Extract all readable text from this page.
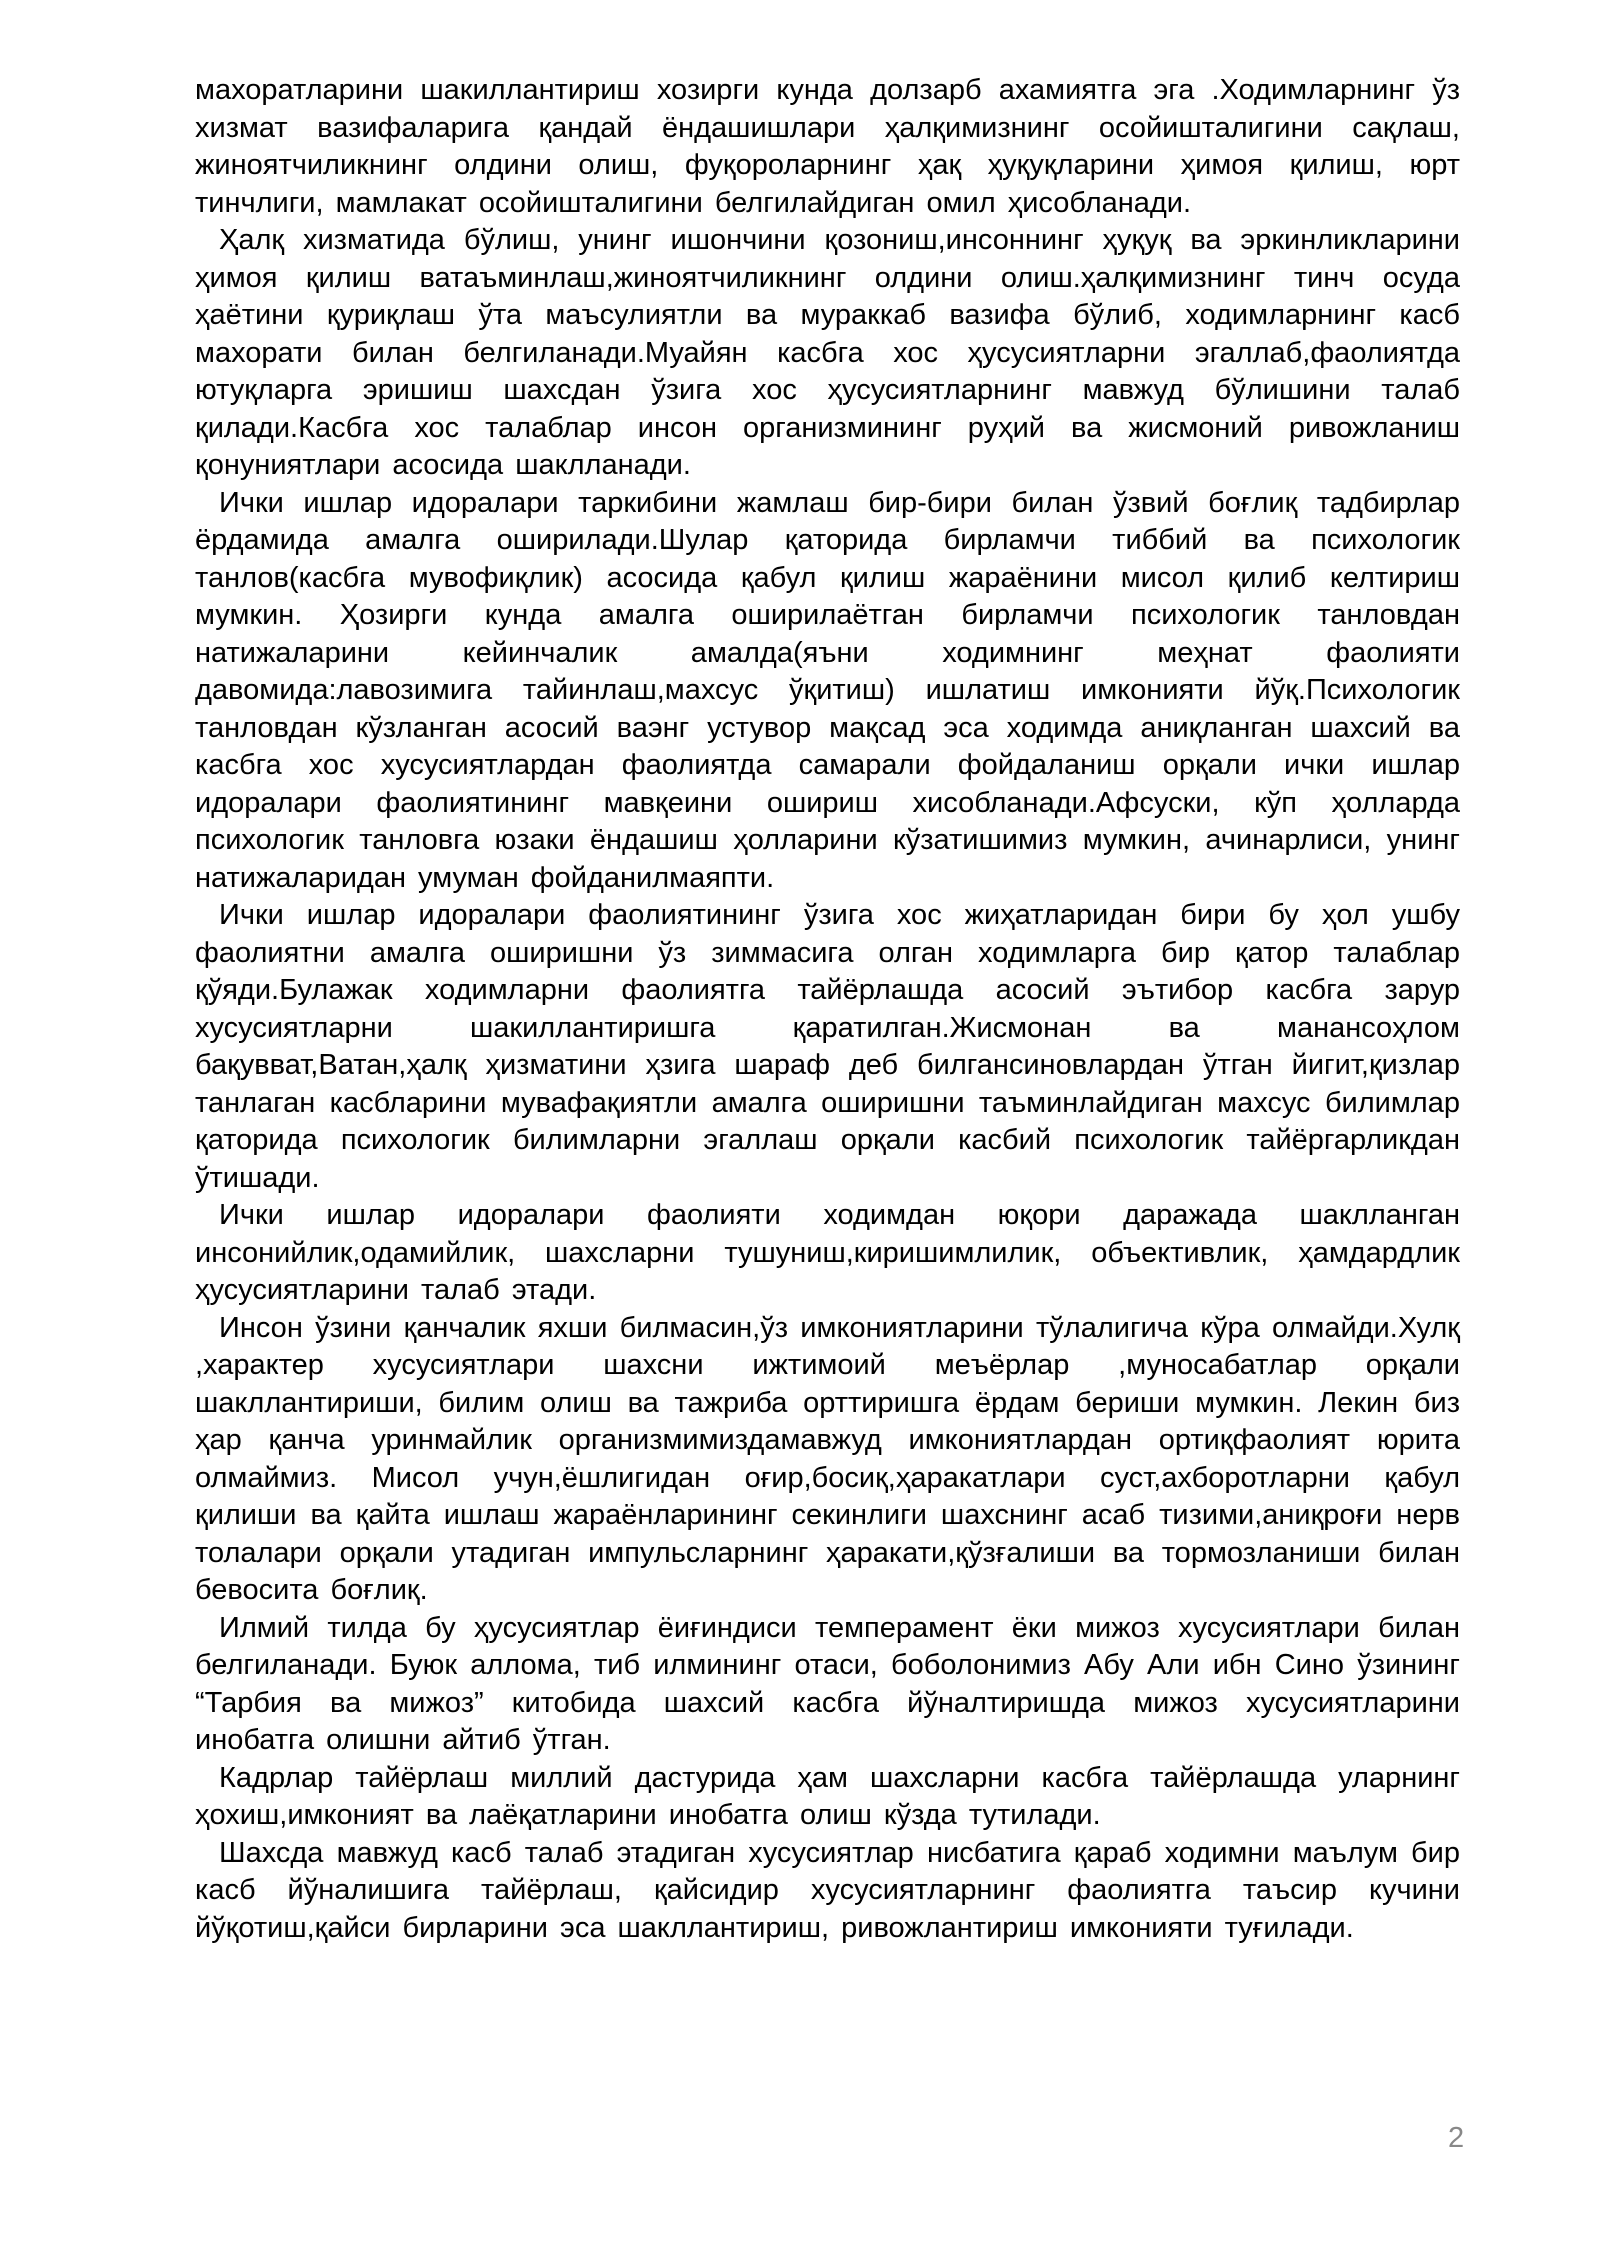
махоратларини шакиллантириш хозирги кунда долзарб ахамиятга эга .Ходимларнинг ўз хизмат вазифаларига қандай ёндашишлари ҳалқимизнинг осойишталигини сақлаш, жиноятчиликнинг олдини олиш, фуқороларнинг ҳақ ҳуқуқларини ҳимоя қилиш, юрт тинчлиги, мамлакат осойишталигини белгилайдиган омил ҳисобланади.

Ҳалқ хизматида бўлиш, унинг ишончини қозониш,инсоннинг ҳуқуқ ва эркинликларини ҳимоя қилиш ватаъминлаш,жиноятчиликнинг олдини олиш.ҳалқимизнинг тинч осуда ҳаётини қуриқлаш ўта маъсулиятли ва мураккаб вазифа бўлиб, ходимларнинг касб махорати билан белгиланади.Муайян касбга хос ҳусусиятларни эгаллаб,фаолиятда ютуқларга эришиш шахсдан ўзига хос ҳусусиятларнинг мавжуд бўлишини талаб қилади.Касбга хос талаблар инсон организмининг руҳий ва жисмоний ривожланиш қонуниятлари асосида шаклланади.

Ички ишлар идоралари таркибини жамлаш бир-бири билан ўзвий боғлиқ тадбирлар ёрдамида амалга оширилади.Шулар қаторида бирламчи тиббий ва психологик танлов(касбга мувофиқлик) асосида қабул қилиш жараёнини мисол қилиб келтириш мумкин. Ҳозирги кунда амалга оширилаётган бирламчи психологик танловдан натижаларини кейинчалик амалда(яъни ходимнинг меҳнат фаолияти давомида:лавозимига тайинлаш,махсус ўқитиш) ишлатиш имконияти йўқ.Психологик танловдан кўзланган асосий ваэнг устувор мақсад эса ходимда аниқланган шахсий ва касбга хос хусусиятлардан фаолиятда самарали фойдаланиш орқали ички ишлар идоралари фаолиятининг мавқеини ошириш хисобланади.Афсуски, кўп ҳолларда психологик танловга юзаки ёндашиш ҳолларини кўзатишимиз мумкин, ачинарлиси, унинг натижаларидан умуман фойданилмаяпти.

Ички ишлар идоралари фаолиятининг ўзига хос жиҳатларидан бири бу ҳол ушбу фаолиятни амалга оширишни ўз зиммасига олган ходимларга бир қатор талаблар қўяди.Булажак ходимларни фаолиятга тайёрлашда асосий эътибор касбга зарур хусусиятларни шакиллантиришга қаратилган.Жисмонан ва манансоҳлом бақувват,Ватан,ҳалқ ҳизматини ҳзига шараф деб билгансиновлардан ўтган йигит,қизлар танлаган касбларини мувафақиятли амалга оширишни таъминлайдиган махсус билимлар қаторида психологик билимларни эгаллаш орқали касбий психологик тайёргарликдан ўтишади.

Ички ишлар идоралари фаолияти ходимдан юқори даражада шаклланган инсонийлик,одамийлик, шахсларни тушуниш,киришимлилик, объективлик, ҳамдардлик ҳусусиятларини талаб этади.

Инсон ўзини қанчалик яхши билмасин,ўз имкониятларини тўлалигича кўра олмайди.Хулқ ,характер хусусиятлари шахсни ижтимоий меъёрлар ,муносабатлар орқали шакллантириши, билим олиш ва тажриба орттиришга ёрдам бериши мумкин. Лекин биз ҳар қанча уринмайлик организмимиздамавжуд имкониятлардан ортиқфаолият юрита олмаймиз. Мисол учун,ёшлигидан оғир,босиқ,ҳаракатлари суст,ахборотларни қабул қилиши ва қайта ишлаш жараёнларининг секинлиги шахснинг асаб тизими,аниқроғи нерв толалари орқали утадиган импульсларнинг ҳаракати,қўзғалиши ва тормозланиши билан бевосита боғлиқ.

Илмий тилда бу ҳусусиятлар ёиғиндиси темперамент ёки мижоз хусусиятлари билан белгиланади. Буюк аллома, тиб илмининг отаси, боболонимиз Абу Али ибн Сино ўзининг “Тарбия ва мижоз” китобида шахсий касбга йўналтиришда мижоз хусусиятларини инобатга олишни айтиб ўтган.

Кадрлар тайёрлаш миллий дастурида ҳам шахсларни касбга тайёрлашда уларнинг ҳохиш,имконият ва лаёқатларини инобатга олиш кўзда тутилади.

Шахсда мавжуд касб талаб этадиган хусусиятлар нисбатига қараб ходимни маълум бир касб йўналишига тайёрлаш, қайсидир хусусиятларнинг фаолиятга таъсир кучини йўқотиш,қайси бирларини эса шакллантириш, ривожлантириш имконияти туғилади.

2
